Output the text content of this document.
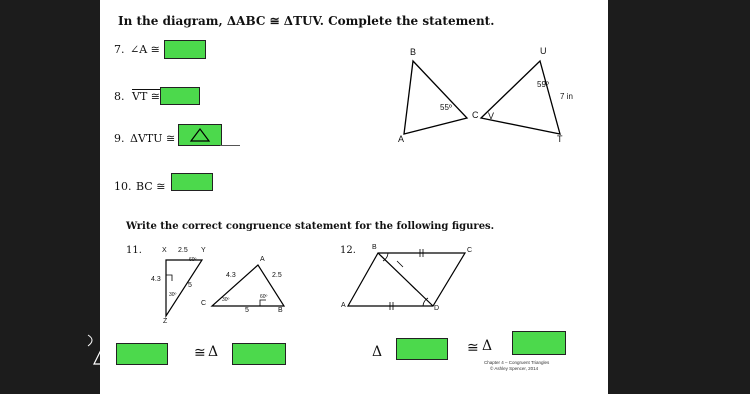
In the diagram, ΔABC ≅ ΔTUV. Complete the statement.
7. ∠A ≅
8. VT ≅
9. ΔVTU ≅
10. BC ≅
B
A
C
55º
U
V
T
59º
7 in
Write the correct congruence statement for the following figures.
11.	X 2.5 Y
60º
4.3
5
30º
Z
A
4.3	2.5
30º	60º
C
B
5
12. B	C
A	D
≅ Δ	Δ	≅ Δ
Chapter 4 – Congruent Triangles
© Ashley Spencer, 2014
